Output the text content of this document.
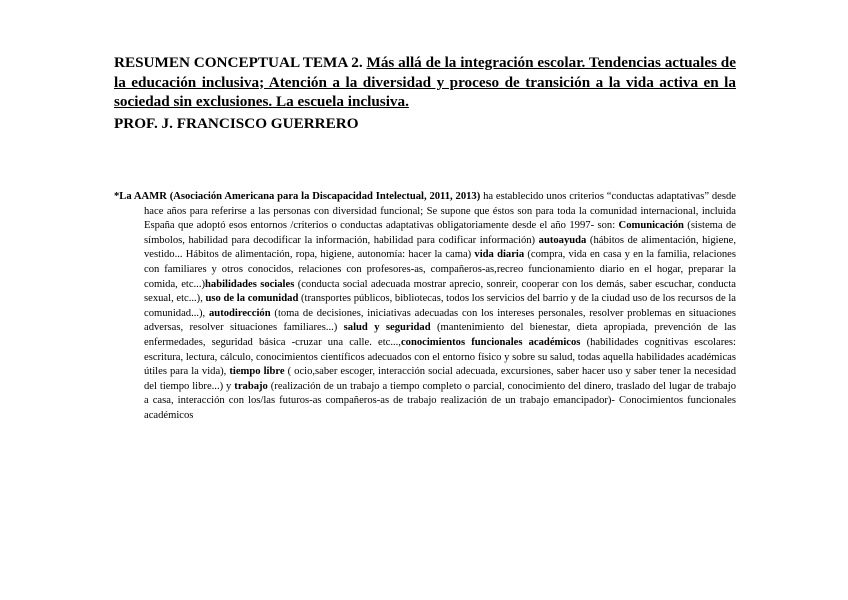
RESUMEN CONCEPTUAL TEMA 2. Más allá de la integración escolar. Tendencias actuales de la educación inclusiva; Atención a la diversidad y proceso de transición a la vida activa en la sociedad sin exclusiones. La escuela inclusiva.
PROF. J. FRANCISCO GUERRERO
*La AAMR (Asociación Americana para la Discapacidad Intelectual, 2011, 2013) ha establecido unos criterios “conductas adaptativas” desde hace años para referirse a las personas con diversidad funcional; Se supone que éstos son para toda la comunidad internacional, incluida España que adoptó esos entornos /criterios o conductas adaptativas obligatoriamente desde el año 1997- son: Comunicación (sistema de símbolos, habilidad para decodificar la información, habilidad para codificar información) autoayuda (hábitos de alimentación, higiene, vestido... Hábitos de alimentación, ropa, higiene, autonomía: hacer la cama) vida diaria (compra, vida en casa y en la familia, relaciones con familiares y otros conocidos, relaciones con profesores-as, compañeros-as,recreo funcionamiento diario en el hogar, preparar la comida, etc...)habilidades sociales (conducta social adecuada mostrar aprecio, sonreir, cooperar con los demás, saber escuchar, conducta sexual, etc...), uso de la comunidad (transportes públicos, bibliotecas, todos los servicios del barrio y de la ciudad uso de los recursos de la comunidad...), autodirección (toma de decisiones, iniciativas adecuadas con los intereses personales, resolver problemas en situaciones adversas, resolver situaciones familiares...) salud y seguridad (mantenimiento del bienestar, dieta apropiada, prevención de las enfermedades, seguridad básica -cruzar una calle. etc...,conocimientos funcionales académicos (habilidades cognitivas escolares: escritura, lectura, cálculo, conocimientos científicos adecuados con el entorno físico y sobre su salud, todas aquella habilidades académicas útiles para la vida), tiempo libre ( ocio,saber escoger, interacción social adecuada, excursiones, saber hacer uso y saber tener la necesidad del tiempo libre...) y trabajo (realización de un trabajo a tiempo completo o parcial, conocimiento del dinero, traslado del lugar de trabajo a casa, interacción con los/las futuros-as compañeros-as de trabajo realización de un trabajo emancipador)- Conocimientos funcionales académicos
